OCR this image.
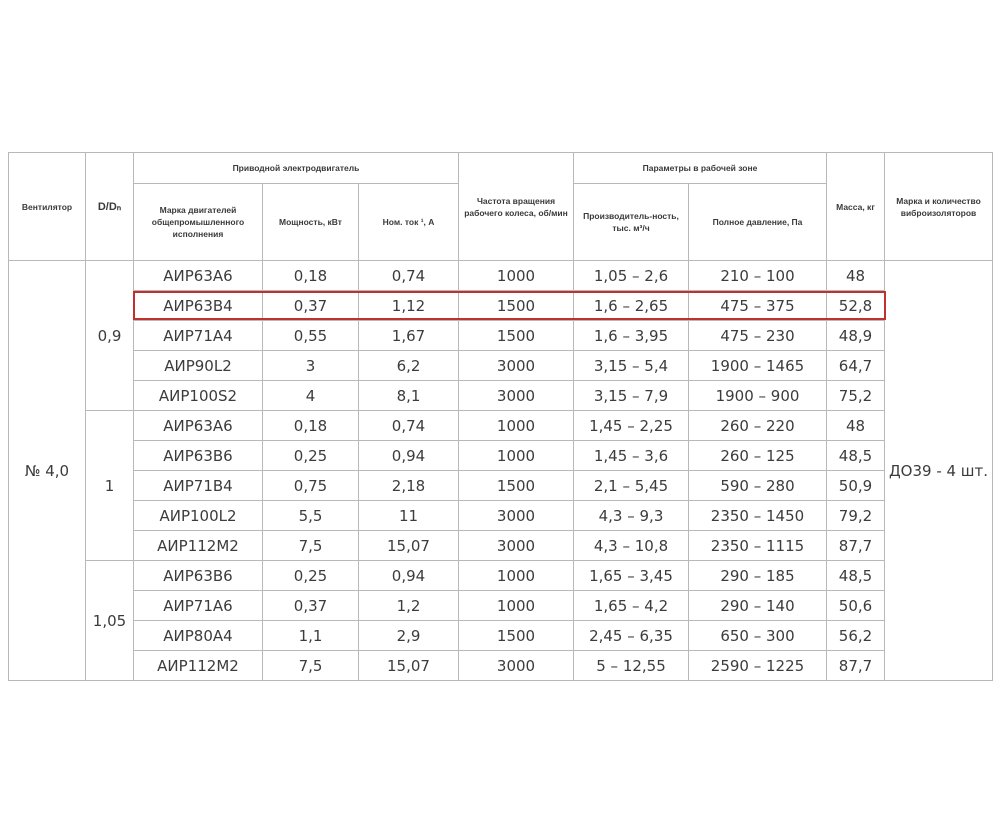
Вентилятор	D/Dₙ	Приводной электродвигатель			Частота вращения рабочего колеса, об/мин	Параметры в рабочей зоне		Масса, кг	Марка и количество виброизоляторов
		Марка двигателей общепромышленного исполнения	Мощность, кВт	Ном. ток ¹, А		Производитель-ность, тыс. м³/ч	Полное давление, Па		
№ 4,0	0,9	АИР63А6	0,18	0,74	1000	1,05 – 2,6	210 – 100	48	ДО39 - 4 шт.
		АИР63В4	0,37	1,12	1500	1,6 – 2,65	475 – 375	52,8	
		АИР71А4	0,55	1,67	1500	1,6 – 3,95	475 – 230	48,9	
		АИР90L2	3	6,2	3000	3,15 – 5,4	1900 – 1465	64,7	
		АИР100S2	4	8,1	3000	3,15 – 7,9	1900 – 900	75,2	
	1	АИР63А6	0,18	0,74	1000	1,45 – 2,25	260 – 220	48	
		АИР63В6	0,25	0,94	1000	1,45 – 3,6	260 – 125	48,5	
		АИР71В4	0,75	2,18	1500	2,1 – 5,45	590 – 280	50,9	
		АИР100L2	5,5	11	3000	4,3 – 9,3	2350 – 1450	79,2	
		АИР112М2	7,5	15,07	3000	4,3 – 10,8	2350 – 1115	87,7	
	1,05	АИР63В6	0,25	0,94	1000	1,65 – 3,45	290 – 185	48,5	
		АИР71А6	0,37	1,2	1000	1,65 – 4,2	290 – 140	50,6	
		АИР80А4	1,1	2,9	1500	2,45 – 6,35	650 – 300	56,2	
		АИР112М2	7,5	15,07	3000	5 – 12,55	2590 – 1225	87,7	
